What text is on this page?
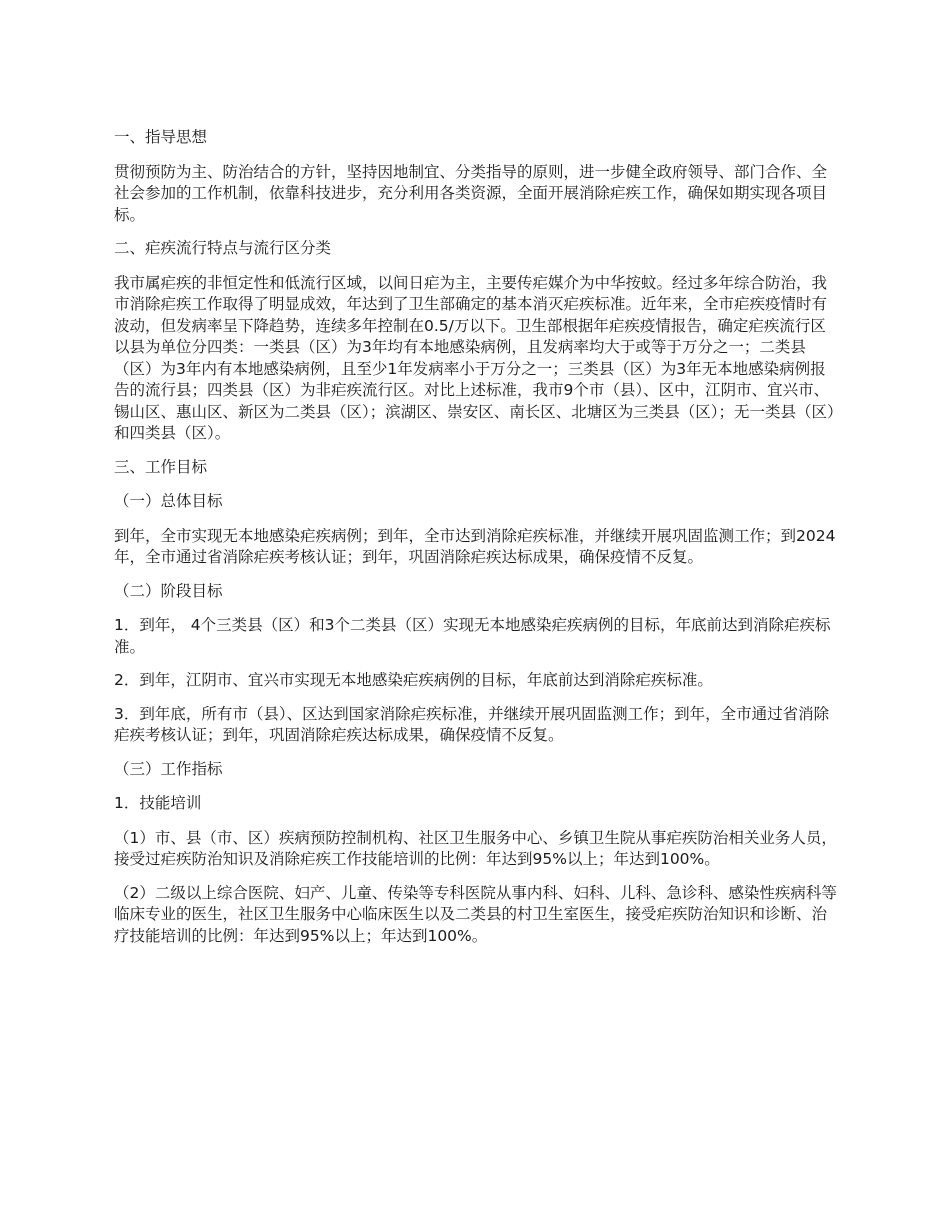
一、指导思想

贯彻预防为主、防治结合的方针，坚持因地制宜、分类指导的原则，进一步健全政府领导、部门合作、全社会参加的工作机制，依靠科技进步，充分利用各类资源，全面开展消除疟疾工作，确保如期实现各项目标。

二、疟疾流行特点与流行区分类

我市属疟疾的非恒定性和低流行区域，以间日疟为主，主要传疟媒介为中华按蚊。经过多年综合防治，我市消除疟疾工作取得了明显成效，年达到了卫生部确定的基本消灭疟疾标准。近年来，全市疟疾疫情时有波动，但发病率呈下降趋势，连续多年控制在0.5/万以下。卫生部根据年疟疾疫情报告，确定疟疾流行区以县为单位分四类：一类县（区）为3年均有本地感染病例，且发病率均大于或等于万分之一；二类县（区）为3年内有本地感染病例，且至少1年发病率小于万分之一；三类县（区）为3年无本地感染病例报告的流行县；四类县（区）为非疟疾流行区。对比上述标准，我市9个市（县）、区中，江阴市、宜兴市、锡山区、惠山区、新区为二类县（区）；滨湖区、崇安区、南长区、北塘区为三类县（区）；无一类县（区）和四类县（区）。

三、工作目标

（一）总体目标

到年，全市实现无本地感染疟疾病例；到年，全市达到消除疟疾标准，并继续开展巩固监测工作；到2024年，全市通过省消除疟疾考核认证；到年，巩固消除疟疾达标成果，确保疫情不反复。

（二）阶段目标

1．到年， 4个三类县（区）和3个二类县（区）实现无本地感染疟疾病例的目标，年底前达到消除疟疾标准。

2．到年，江阴市、宜兴市实现无本地感染疟疾病例的目标，年底前达到消除疟疾标准。

3．到年底，所有市（县）、区达到国家消除疟疾标准，并继续开展巩固监测工作；到年，全市通过省消除疟疾考核认证；到年，巩固消除疟疾达标成果，确保疫情不反复。

（三）工作指标

1．技能培训

（1）市、县（市、区）疾病预防控制机构、社区卫生服务中心、乡镇卫生院从事疟疾防治相关业务人员，接受过疟疾防治知识及消除疟疾工作技能培训的比例：年达到95%以上；年达到100%。

（2）二级以上综合医院、妇产、儿童、传染等专科医院从事内科、妇科、儿科、急诊科、感染性疾病科等临床专业的医生，社区卫生服务中心临床医生以及二类县的村卫生室医生，接受疟疾防治知识和诊断、治疗技能培训的比例：年达到95%以上；年达到100%。
